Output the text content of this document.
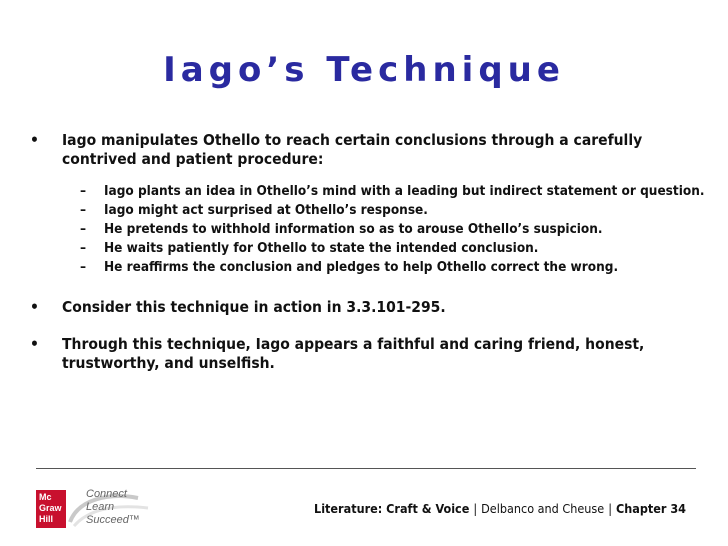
Iago’s Technique
• Iago manipulates Othello to reach certain conclusions through a carefully contrived and patient procedure:
– Iago plants an idea in Othello’s mind with a leading but indirect statement or question.
– Iago might act surprised at Othello’s response.
– He pretends to withhold information so as to arouse Othello’s suspicion.
– He waits patiently for Othello to state the intended conclusion.
– He reaffirms the conclusion and pledges to help Othello correct the wrong.
• Consider this technique in action in 3.3.101-295.
• Through this technique, Iago appears a faithful and caring friend, honest, trustworthy, and unselfish.
Mc
Graw
Hill
Connect
Learn
Succeed™
Literature: Craft & Voice | Delbanco and Cheuse | Chapter 34
